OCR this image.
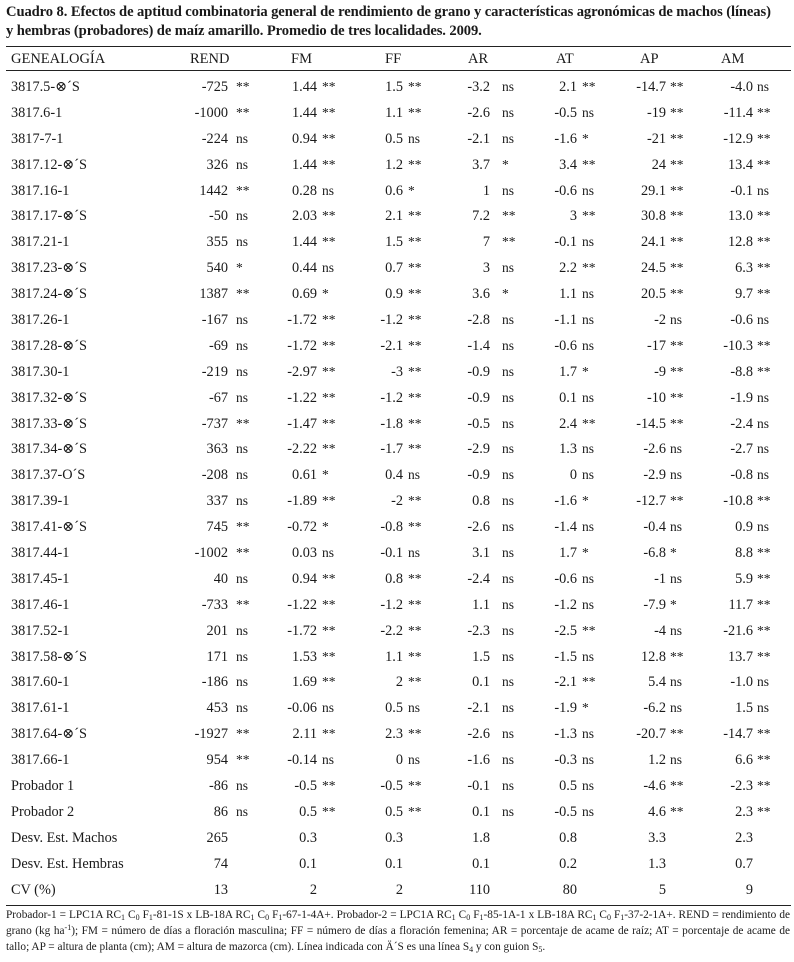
Cuadro 8. Efectos de aptitud combinatoria general de rendimiento de grano y características agronómicas de machos (líneas)
y hembras (probadores) de maíz amarillo. Promedio de tres localidades. 2009.
GENEALOGÍA	REND	FM	FF	AR	AT	AP	AM
3817.5-⊗´S	-725 **	1.44 **	1.5 **	-3.2 ns	2.1 **	-14.7 **	-4.0 ns
3817.6-1	-1000 **	1.44 **	1.1 **	-2.6 ns	-0.5 ns	-19 **	-11.4 **
3817-7-1	-224 ns	0.94 **	0.5 ns	-2.1 ns	-1.6 *	-21 **	-12.9 **
3817.12-⊗´S	326 ns	1.44 **	1.2 **	3.7 *	3.4 **	24 **	13.4 **
3817.16-1	1442 **	0.28 ns	0.6 *	1 ns	-0.6 ns	29.1 **	-0.1 ns
3817.17-⊗´S	-50 ns	2.03 **	2.1 **	7.2 **	3 **	30.8 **	13.0 **
3817.21-1	355 ns	1.44 **	1.5 **	7 **	-0.1 ns	24.1 **	12.8 **
3817.23-⊗´S	540 *	0.44 ns	0.7 **	3 ns	2.2 **	24.5 **	6.3 **
3817.24-⊗´S	1387 **	0.69 *	0.9 **	3.6 *	1.1 ns	20.5 **	9.7 **
3817.26-1	-167 ns	-1.72 **	-1.2 **	-2.8 ns	-1.1 ns	-2 ns	-0.6 ns
3817.28-⊗´S	-69 ns	-1.72 **	-2.1 **	-1.4 ns	-0.6 ns	-17 **	-10.3 **
3817.30-1	-219 ns	-2.97 **	-3 **	-0.9 ns	1.7 *	-9 **	-8.8 **
3817.32-⊗´S	-67 ns	-1.22 **	-1.2 **	-0.9 ns	0.1 ns	-10 **	-1.9 ns
3817.33-⊗´S	-737 **	-1.47 **	-1.8 **	-0.5 ns	2.4 **	-14.5 **	-2.4 ns
3817.34-⊗´S	363 ns	-2.22 **	-1.7 **	-2.9 ns	1.3 ns	-2.6 ns	-2.7 ns
3817.37-O´S	-208 ns	0.61 *	0.4 ns	-0.9 ns	0 ns	-2.9 ns	-0.8 ns
3817.39-1	337 ns	-1.89 **	-2 **	0.8 ns	-1.6 *	-12.7 **	-10.8 **
3817.41-⊗´S	745 **	-0.72 *	-0.8 **	-2.6 ns	-1.4 ns	-0.4 ns	0.9 ns
3817.44-1	-1002 **	0.03 ns	-0.1 ns	3.1 ns	1.7 *	-6.8 *	8.8 **
3817.45-1	40 ns	0.94 **	0.8 **	-2.4 ns	-0.6 ns	-1 ns	5.9 **
3817.46-1	-733 **	-1.22 **	-1.2 **	1.1 ns	-1.2 ns	-7.9 *	11.7 **
3817.52-1	201 ns	-1.72 **	-2.2 **	-2.3 ns	-2.5 **	-4 ns	-21.6 **
3817.58-⊗´S	171 ns	1.53 **	1.1 **	1.5 ns	-1.5 ns	12.8 **	13.7 **
3817.60-1	-186 ns	1.69 **	2 **	0.1 ns	-2.1 **	5.4 ns	-1.0 ns
3817.61-1	453 ns	-0.06 ns	0.5 ns	-2.1 ns	-1.9 *	-6.2 ns	1.5 ns
3817.64-⊗´S	-1927 **	2.11 **	2.3 **	-2.6 ns	-1.3 ns	-20.7 **	-14.7 **
3817.66-1	954 **	-0.14 ns	0 ns	-1.6 ns	-0.3 ns	1.2 ns	6.6 **
Probador 1	-86 ns	-0.5 **	-0.5 **	-0.1 ns	0.5 ns	-4.6 **	-2.3 **
Probador 2	86 ns	0.5 **	0.5 **	0.1 ns	-0.5 ns	4.6 **	2.3 **
Desv. Est. Machos	265	0.3	0.3	1.8	0.8	3.3	2.3
Desv. Est. Hembras	74	0.1	0.1	0.1	0.2	1.3	0.7
CV (%)	13	2	2	110	80	5	9
Probador-1 = LPC1A $RC_1$ $C_0$ $F_1-81-1S$ x LB-18A $RC_1$ $C_0$ $F_1-67-1-4A+$. Probador-2 = LPC1A $RC_1$ $C_0$ $F_1-85-1A-1$ x LB-18A $RC_1$ $C_0$ $F_1-37-2-1A+$. REND = rendimiento de grano (kg $ha^{-1}$); FM = número de días a floración masculina; FF = número de días a floración femenina; AR = porcentaje de acame de raíz; AT = porcentaje de acame de tallo; AP = altura de planta (cm); AM = altura de mazorca (cm). Línea indicada con Ä´S es una línea $S_4$ y con guion $S_5$.
